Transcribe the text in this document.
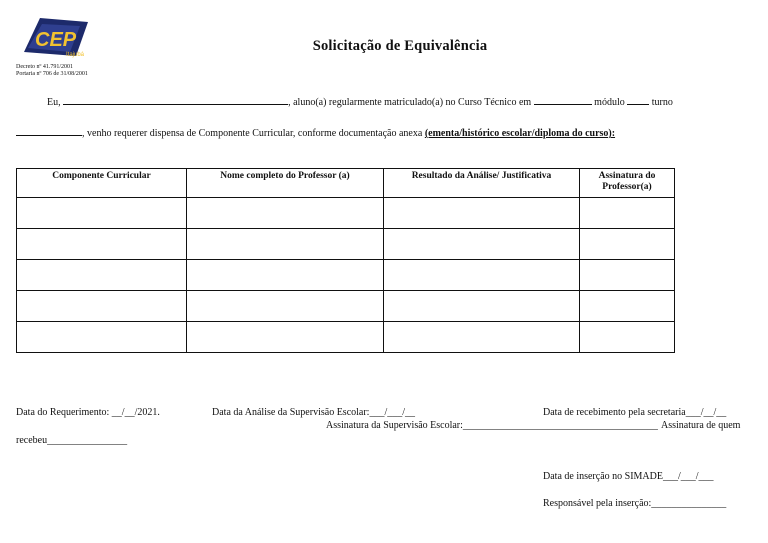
CEP
Itajubá
Decreto nº 41.791/2001
Portaria nº 706 de 31/08/2001
Solicitação de Equivalência
Eu,	, aluno(a) regularmente matriculado(a) no Curso Técnico em	módulo	turno
, venho requerer dispensa de Componente Curricular, conforme documentação anexa (ementa/histórico escolar/diploma do curso):
Componente Curricular	Nome completo do Professor (a)	Resultado da Análise/ Justificativa	Assinatura do Professor(a)

Data do Requerimento: __/__/2021.	Data da Análise da Supervisão Escolar:___/___/__	Data de recebimento pela secretaria___/__/__
Assinatura da Supervisão Escolar:_______________________________________ Assinatura de quem
recebeu________________
Data de inserção no SIMADE___/___/___
Responsável pela inserção:_______________
